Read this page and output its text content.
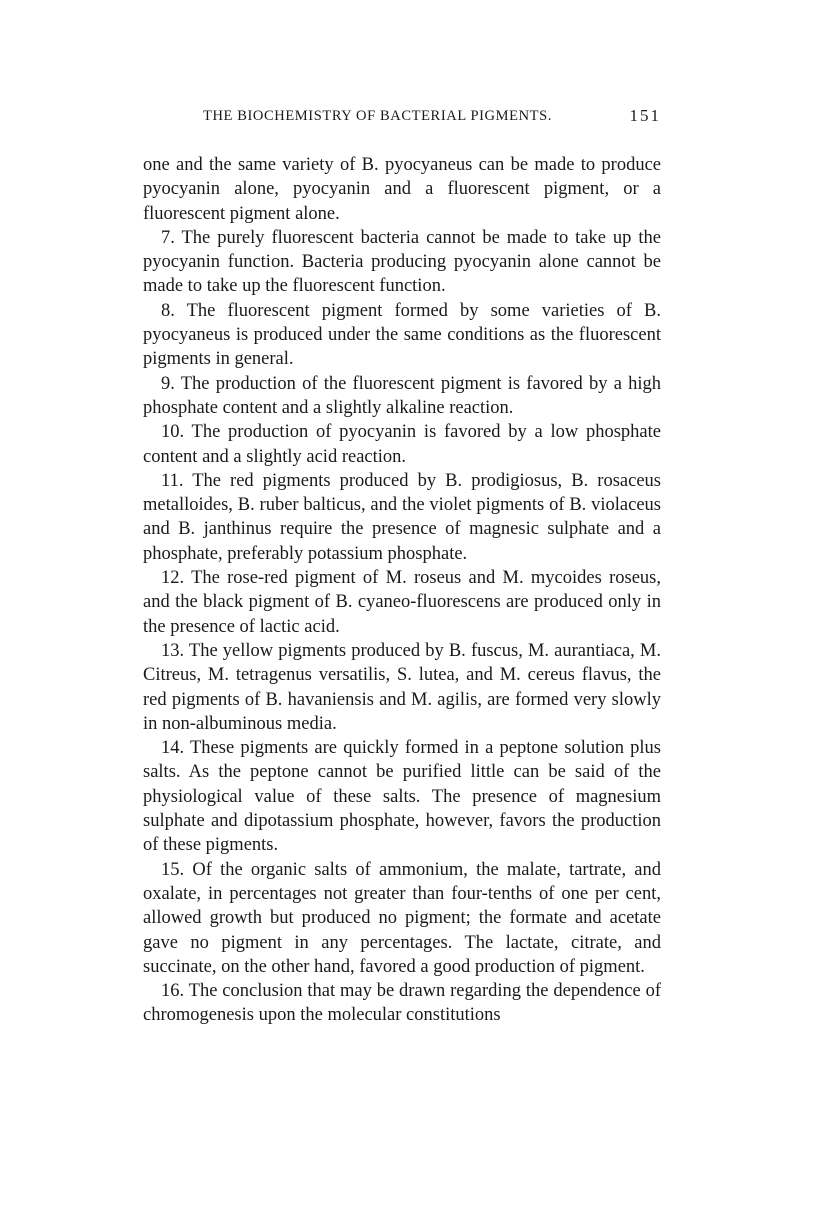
THE BIOCHEMISTRY OF BACTERIAL PIGMENTS.	151

one and the same variety of B. pyocyaneus can be made to produce pyocyanin alone, pyocyanin and a fluorescent pigment, or a fluorescent pigment alone.

7. The purely fluorescent bacteria cannot be made to take up the pyocyanin function. Bacteria producing pyocyanin alone cannot be made to take up the fluorescent function.

8. The fluorescent pigment formed by some varieties of B. pyocyaneus is produced under the same conditions as the fluorescent pigments in general.

9. The production of the fluorescent pigment is favored by a high phosphate content and a slightly alkaline reaction.

10. The production of pyocyanin is favored by a low phosphate content and a slightly acid reaction.

11. The red pigments produced by B. prodigiosus, B. rosaceus metalloides, B. ruber balticus, and the violet pigments of B. violaceus and B. janthinus require the presence of magnesic sulphate and a phosphate, preferably potassium phosphate.

12. The rose-red pigment of M. roseus and M. mycoides roseus, and the black pigment of B. cyaneo-fluorescens are produced only in the presence of lactic acid.

13. The yellow pigments produced by B. fuscus, M. aurantiaca, M. Citreus, M. tetragenus versatilis, S. lutea, and M. cereus flavus, the red pigments of B. havaniensis and M. agilis, are formed very slowly in non-albuminous media.

14. These pigments are quickly formed in a peptone solution plus salts. As the peptone cannot be purified little can be said of the physiological value of these salts. The presence of magnesium sulphate and dipotassium phosphate, however, favors the production of these pigments.

15. Of the organic salts of ammonium, the malate, tartrate, and oxalate, in percentages not greater than four-tenths of one per cent, allowed growth but produced no pigment; the formate and acetate gave no pigment in any percentages. The lactate, citrate, and succinate, on the other hand, favored a good production of pigment.

16. The conclusion that may be drawn regarding the dependence of chromogenesis upon the molecular constitutions
